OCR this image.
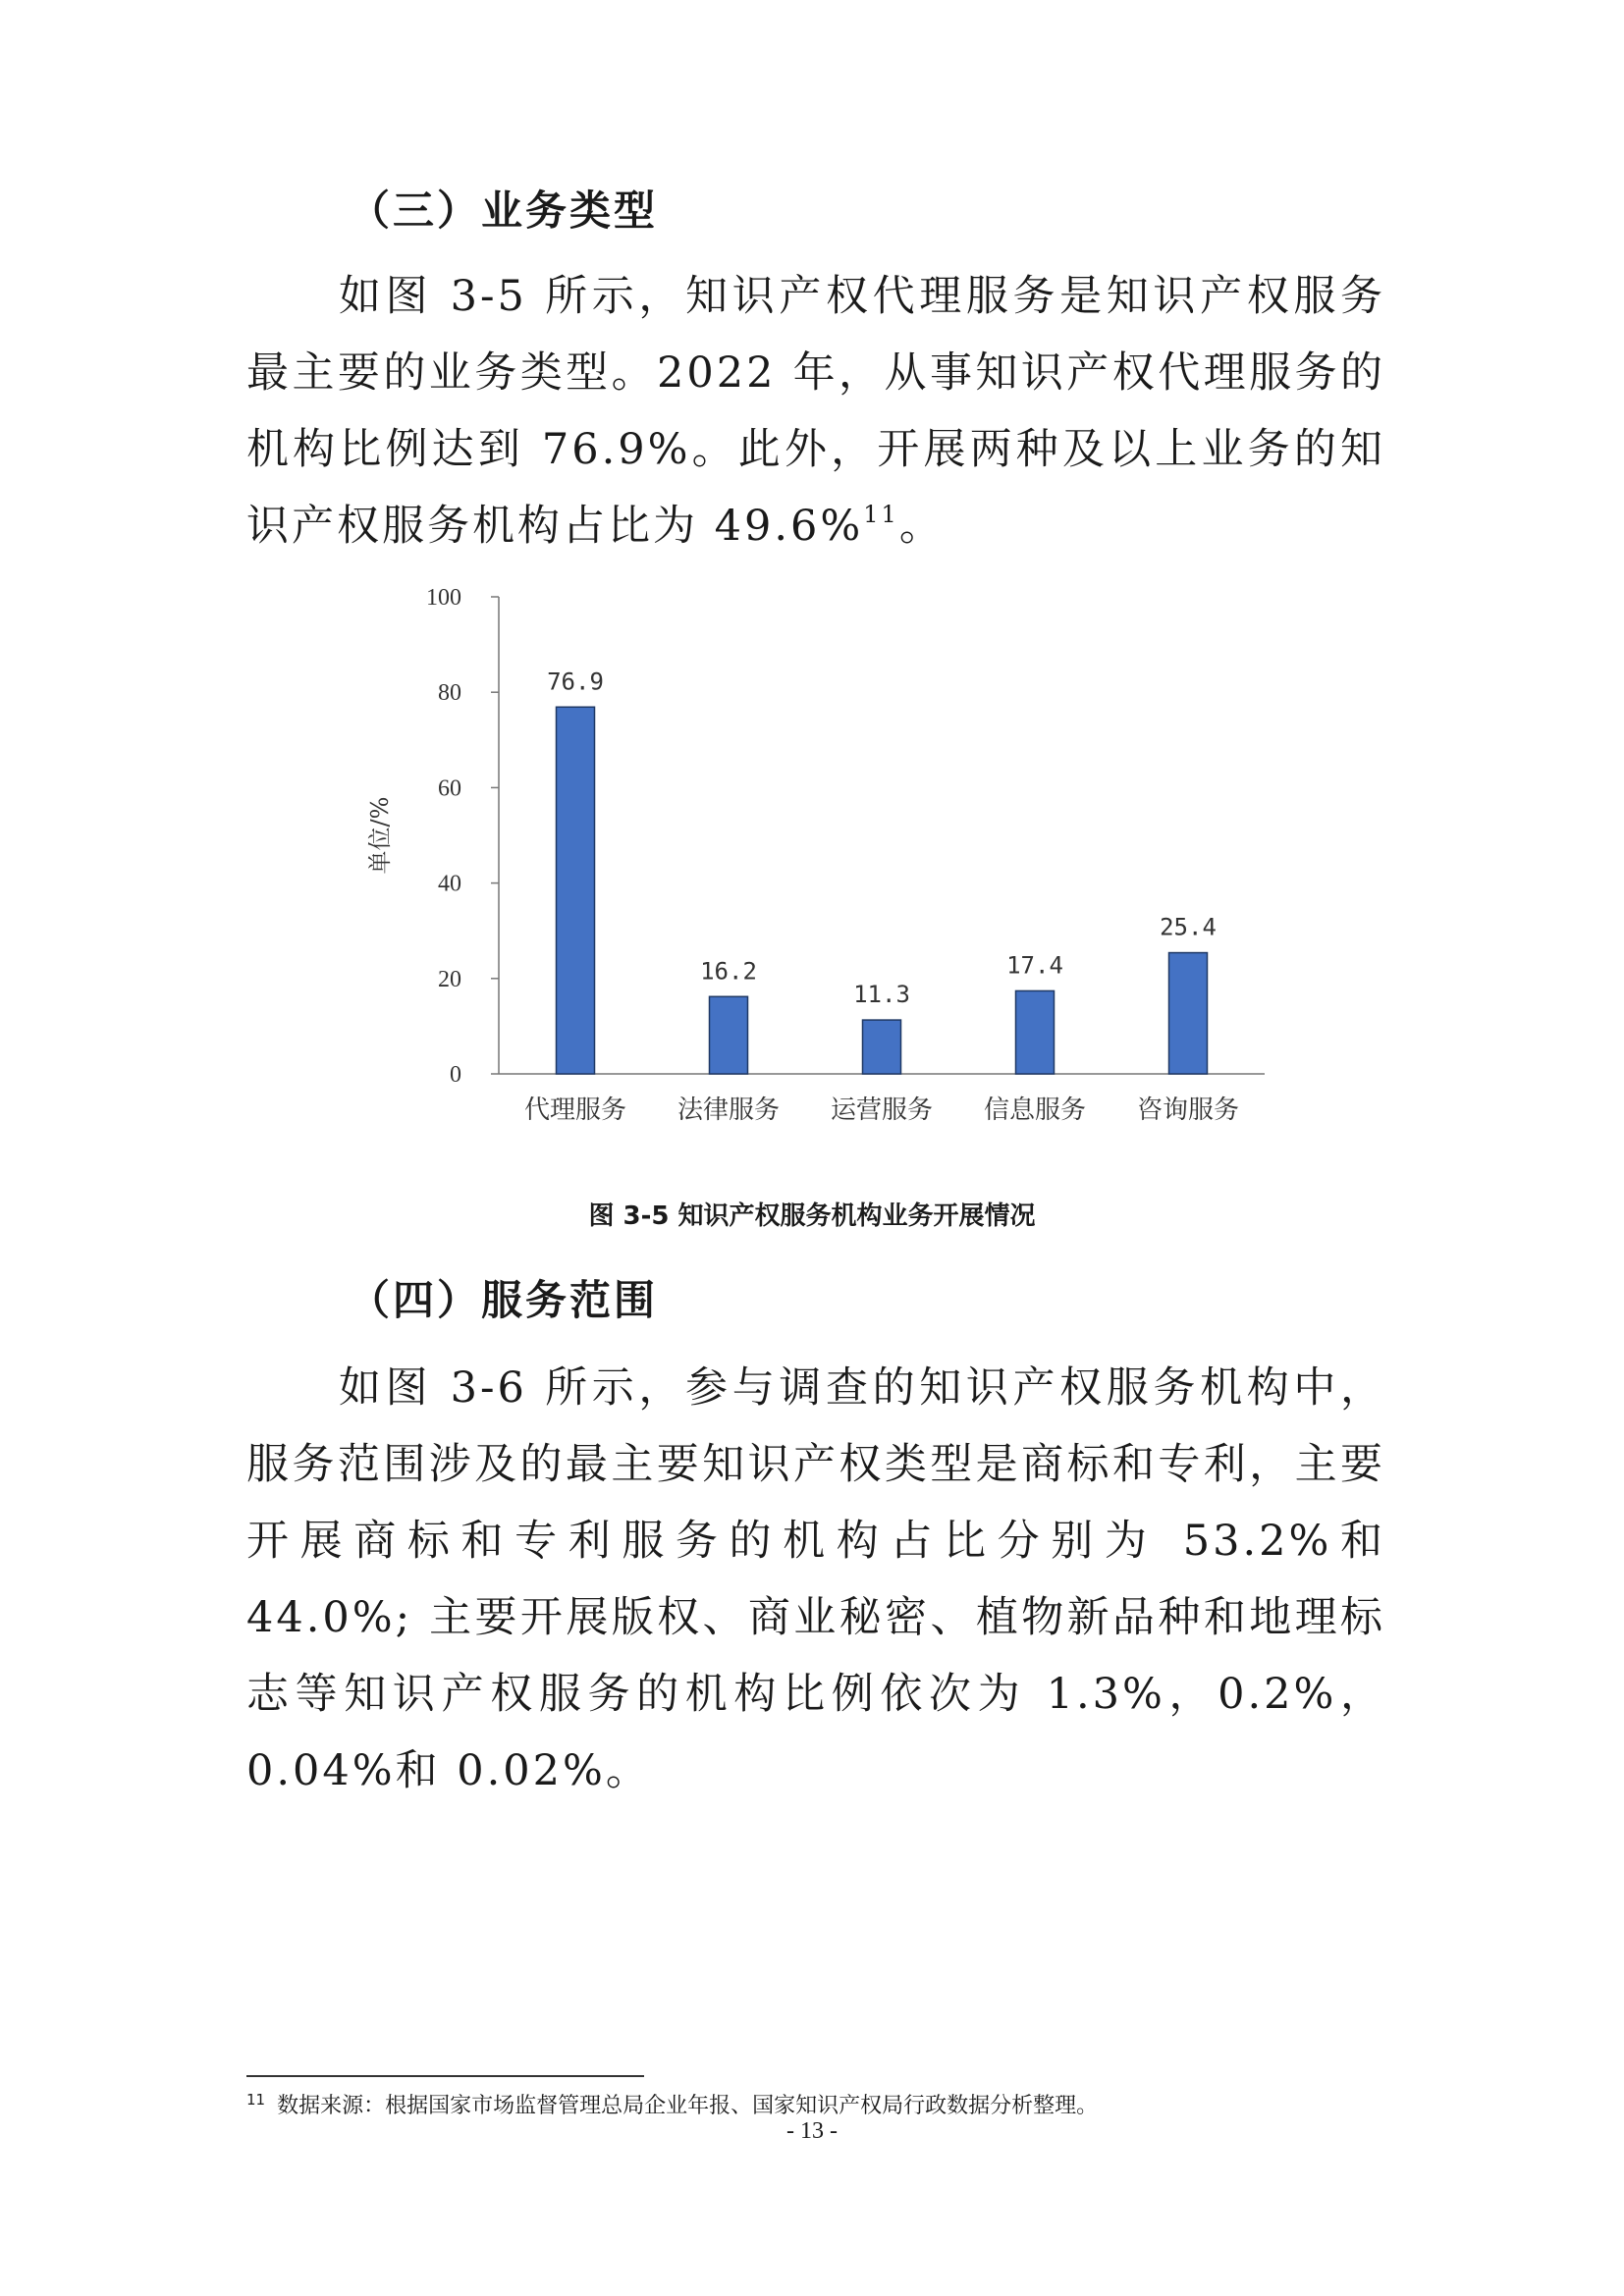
（三）业务类型

如图 3-5 所示，知识产权代理服务是知识产权服务最主要的业务类型。2022 年，从事知识产权代理服务的机构比例达到 76.9%。此外，开展两种及以上业务的知识产权服务机构占比为 49.6%$^{11}$。

0
20
40
60
80
100
单位/%
76.9
代理服务
16.2
法律服务
11.3
运营服务
17.4
信息服务
25.4
咨询服务
图 3-5 知识产权服务机构业务开展情况
（四）服务范围

如图 3-6 所示，参与调查的知识产权服务机构中，服务范围涉及的最主要知识产权类型是商标和专利，主要开展商标和专利服务的机构占比分别为 53.2%和 44.0%; 主要开展版权、商业秘密、植物新品种和地理标志等知识产权服务的机构比例依次为 1.3%，0.2%，0.04%和 0.02%。

$^{11}$ 数据来源：根据国家市场监督管理总局企业年报、国家知识产权局行政数据分析整理。
- 13 -
